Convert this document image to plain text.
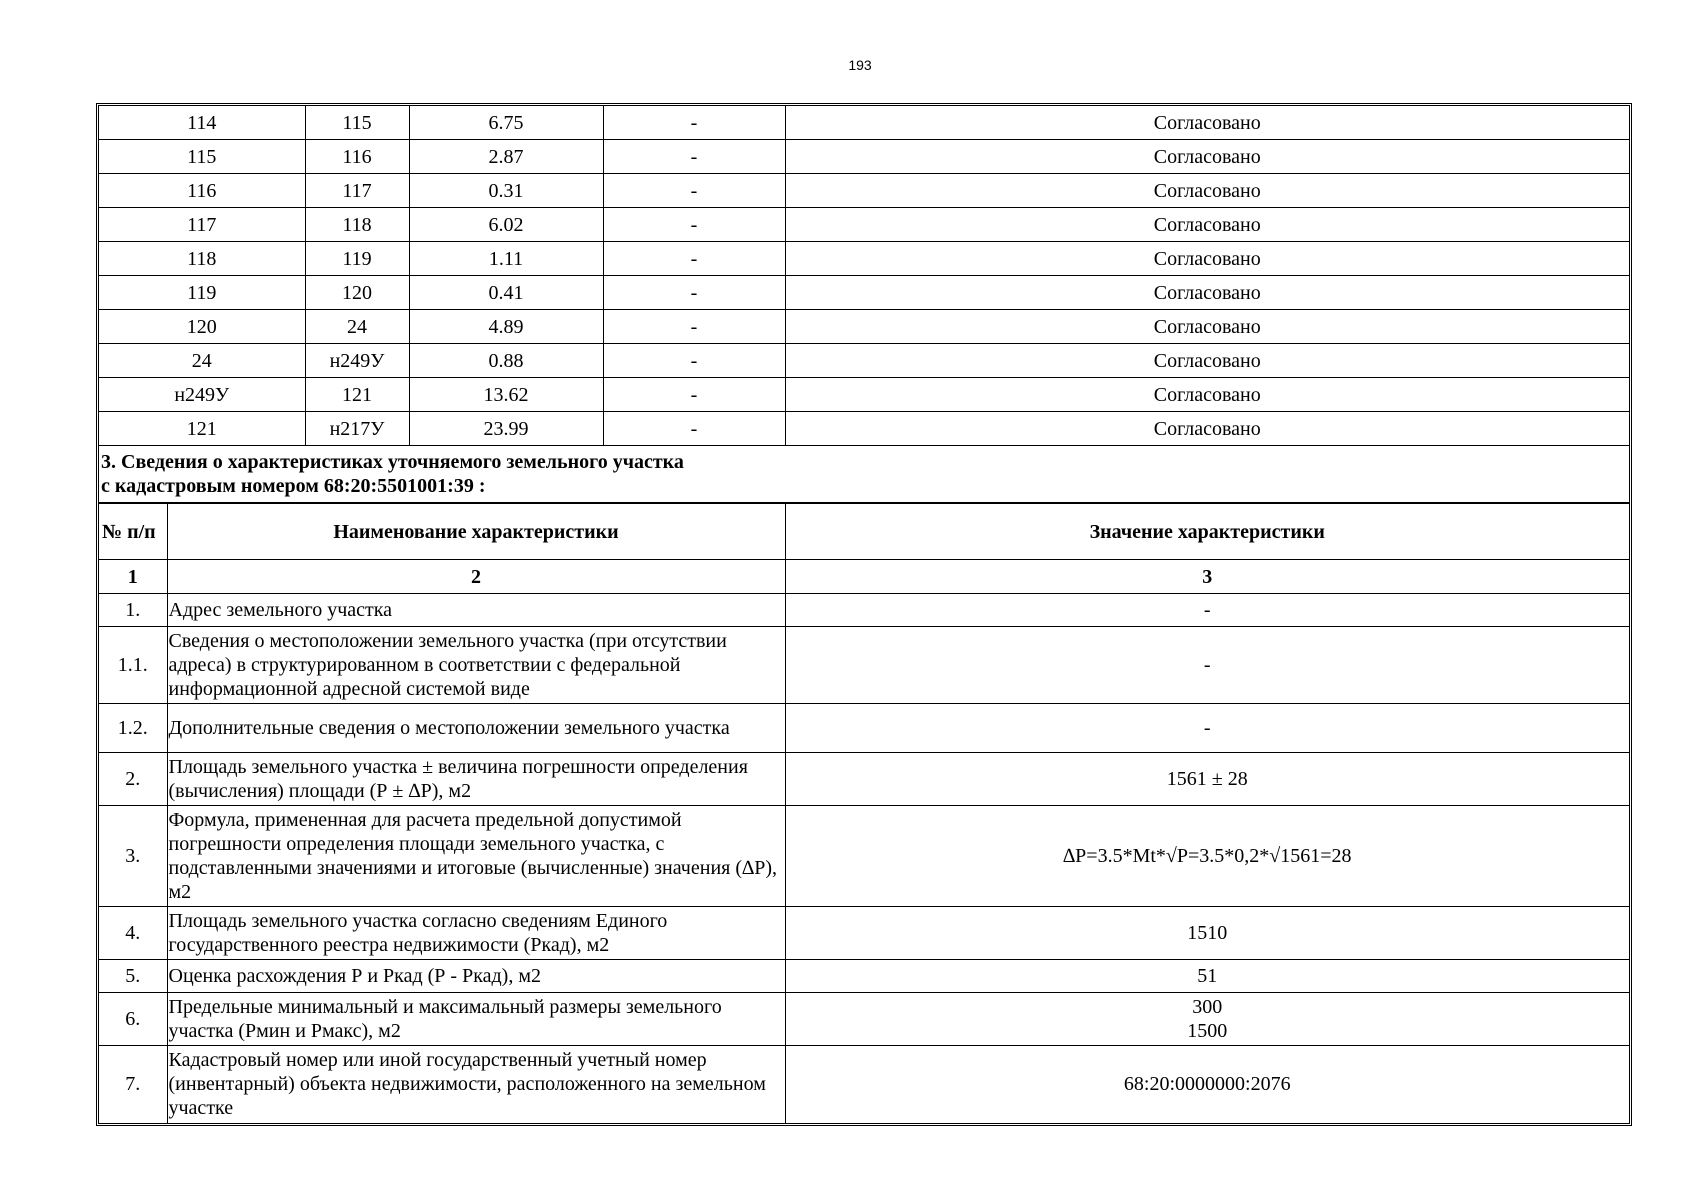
193
114	115	6.75	-	Согласовано
115	116	2.87	-	Согласовано
116	117	0.31	-	Согласовано
117	118	6.02	-	Согласовано
118	119	1.11	-	Согласовано
119	120	0.41	-	Согласовано
120	24	4.89	-	Согласовано
24	н249У	0.88	-	Согласовано
н249У	121	13.62	-	Согласовано
121	н217У	23.99	-	Согласовано
3. Сведения о характеристиках уточняемого земельного участка
с кадастровым номером 68:20:5501001:39 :
№ п/п	Наименование характеристики	Значение характеристики
1	2	3
1.	Адрес земельного участка	-
1.1.	Сведения о местоположении земельного участка (при отсутствии адреса) в структурированном в соответствии с федеральной информационной адресной системой виде	-
1.2.	Дополнительные сведения о местоположении земельного участка	-
2.	Площадь земельного участка ± величина погрешности определения (вычисления) площади (Р ± ∆Р), м2	1561 ± 28
3.	Формула, примененная для расчета предельной допустимой погрешности определения площади земельного участка, с подставленными значениями и итоговые (вычисленные) значения (∆Р), м2	∆Р=3.5*Mt*√Р=3.5*0,2*√1561=28
4.	Площадь земельного участка согласно сведениям Единого государственного реестра недвижимости (Ркад), м2	1510
5.	Оценка расхождения Р и Ркад (Р - Ркад), м2	51
6.	Предельные минимальный и максимальный размеры земельного участка (Рмин и Рмакс), м2	300
1500

7.	Кадастровый номер или иной государственный учетный номер (инвентарный) объекта недвижимости, расположенного на земельном участке	68:20:0000000:2076
